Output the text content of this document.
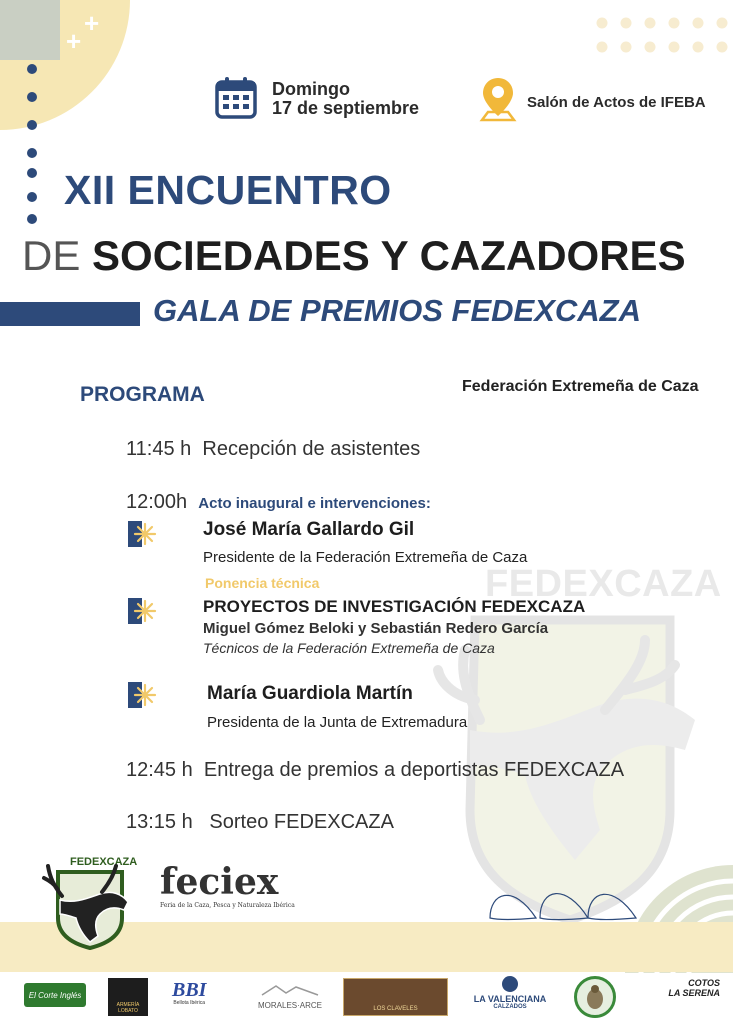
+
+
Domingo
17 de septiembre	Salón de Actos de IFEBA
XII ENCUENTRO
DE SOCIEDADES Y CAZADORES
GALA DE PREMIOS FEDEXCAZA
FEDEXCAZA
PROGRAMA	Federación Extremeña de Caza
11:45 h Recepción de asistentes
12:00h Acto inaugural e intervenciones:
José María Gallardo Gil
Presidente de la Federación Extremeña de Caza
Ponencia técnica
PROYECTOS DE INVESTIGACIÓN FEDEXCAZA
Miguel Gómez Beloki y Sebastián Redero García
Técnicos de la Federación Extremeña de Caza
María Guardiola Martín
Presidenta de la Junta de Extremadura
12:45 h Entrega de premios a deportistas FEDEXCAZA
13:15 h Sorteo FEDEXCAZA
FEDEXCAZA feciex
Feria de la Caza, Pesca y Naturaleza Ibérica
El Corte Inglés
ARMERÍA LOBATO
BBI
Bellota Ibérica	MORALES·ARCE	LOS CLAVELES
LA VALENCIANA
CALZADOS
COTOS
LA SERENA
